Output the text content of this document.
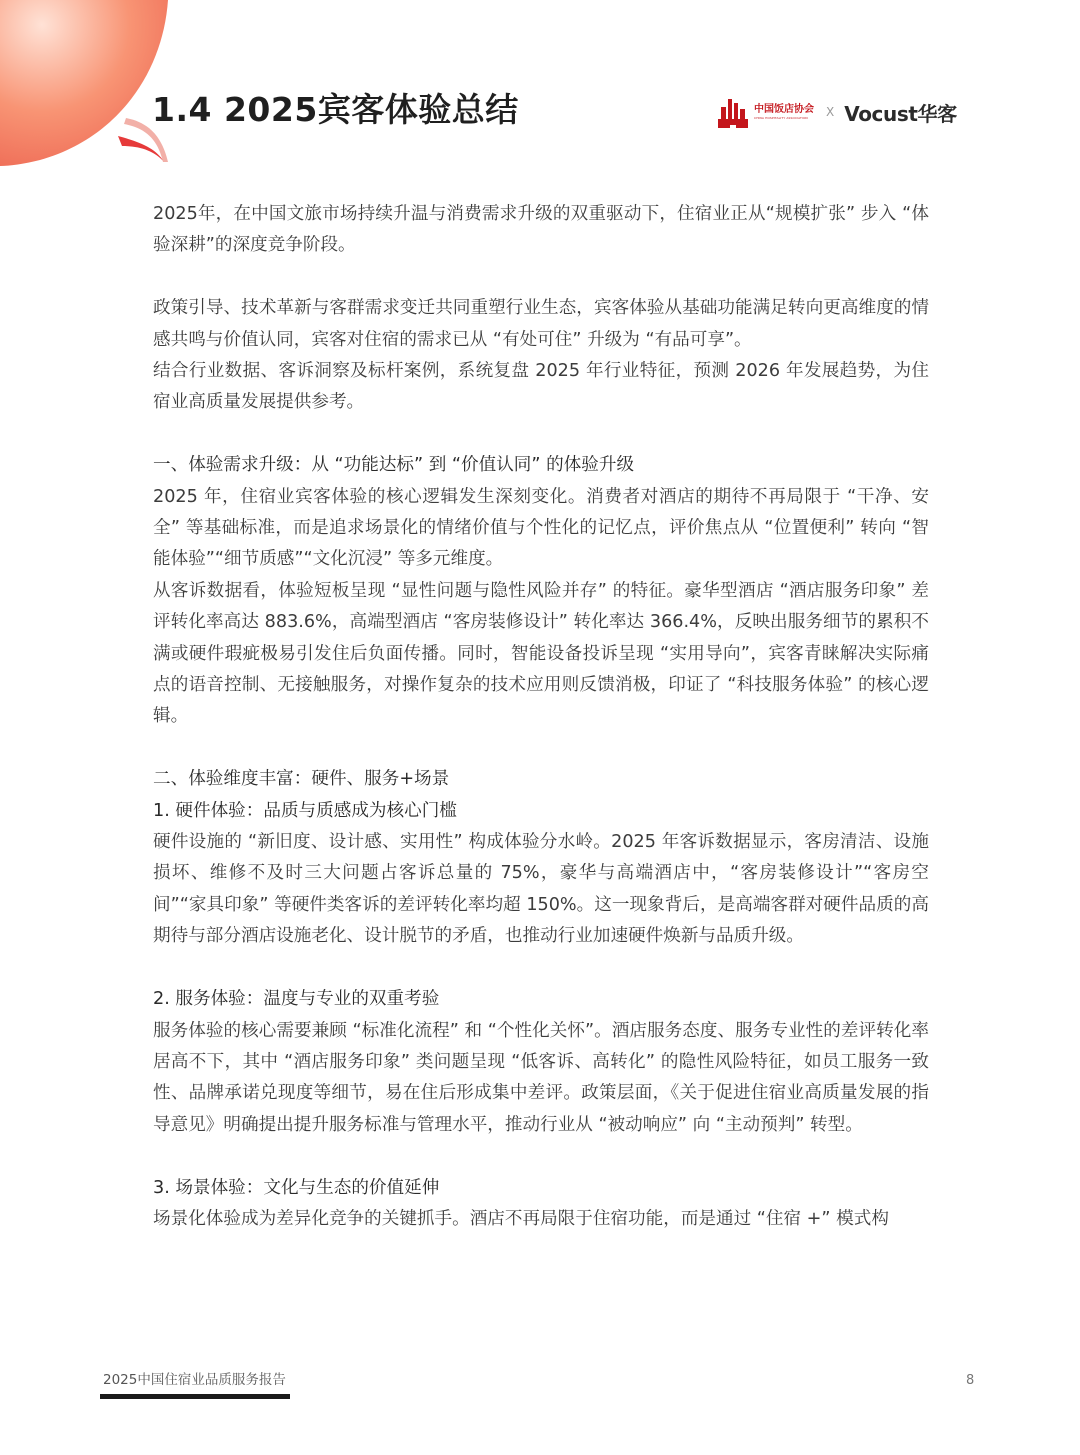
1.4 2025宾客体验总结	中国饭店协会
CHINA HOSPITALITY ASSOCIATION	X Vocust华客

2025年，在中国文旅市场持续升温与消费需求升级的双重驱动下，住宿业正从“规模扩张” 步入 “体验深耕”的深度竞争阶段。

政策引导、技术革新与客群需求变迁共同重塑行业生态，宾客体验从基础功能满足转向更高维度的情感共鸣与价值认同，宾客对住宿的需求已从 “有处可住” 升级为 “有品可享”。

结合行业数据、客诉洞察及标杆案例，系统复盘 2025 年行业特征，预测 2026 年发展趋势，为住宿业高质量发展提供参考。

一、体验需求升级：从 “功能达标” 到 “价值认同” 的体验升级

2025 年，住宿业宾客体验的核心逻辑发生深刻变化。消费者对酒店的期待不再局限于 “干净、安全” 等基础标准，而是追求场景化的情绪价值与个性化的记忆点，评价焦点从 “位置便利” 转向 “智能体验”“细节质感”“文化沉浸” 等多元维度。

从客诉数据看，体验短板呈现 “显性问题与隐性风险并存” 的特征。豪华型酒店 “酒店服务印象” 差评转化率高达 883.6%，高端型酒店 “客房装修设计” 转化率达 366.4%，反映出服务细节的累积不满或硬件瑕疵极易引发住后负面传播。同时，智能设备投诉呈现 “实用导向”，宾客青睐解决实际痛点的语音控制、无接触服务，对操作复杂的技术应用则反馈消极，印证了 “科技服务体验” 的核心逻辑。

二、体验维度丰富：硬件、服务+场景

1. 硬件体验：品质与质感成为核心门槛

硬件设施的 “新旧度、设计感、实用性” 构成体验分水岭。2025 年客诉数据显示，客房清洁、设施损坏、维修不及时三大问题占客诉总量的 75%，豪华与高端酒店中，“客房装修设计”“客房空间”“家具印象” 等硬件类客诉的差评转化率均超 150%。这一现象背后，是高端客群对硬件品质的高期待与部分酒店设施老化、设计脱节的矛盾，也推动行业加速硬件焕新与品质升级。

2. 服务体验：温度与专业的双重考验

服务体验的核心需要兼顾 “标准化流程” 和 “个性化关怀”。酒店服务态度、服务专业性的差评转化率居高不下，其中 “酒店服务印象” 类问题呈现 “低客诉、高转化” 的隐性风险特征，如员工服务一致性、品牌承诺兑现度等细节，易在住后形成集中差评。政策层面，《关于促进住宿业高质量发展的指导意见》明确提出提升服务标准与管理水平，推动行业从 “被动响应” 向 “主动预判” 转型。

3. 场景体验：文化与生态的价值延伸

场景化体验成为差异化竞争的关键抓手。酒店不再局限于住宿功能，而是通过 “住宿 +” 模式构

2025中国住宿业品质服务报告	8
